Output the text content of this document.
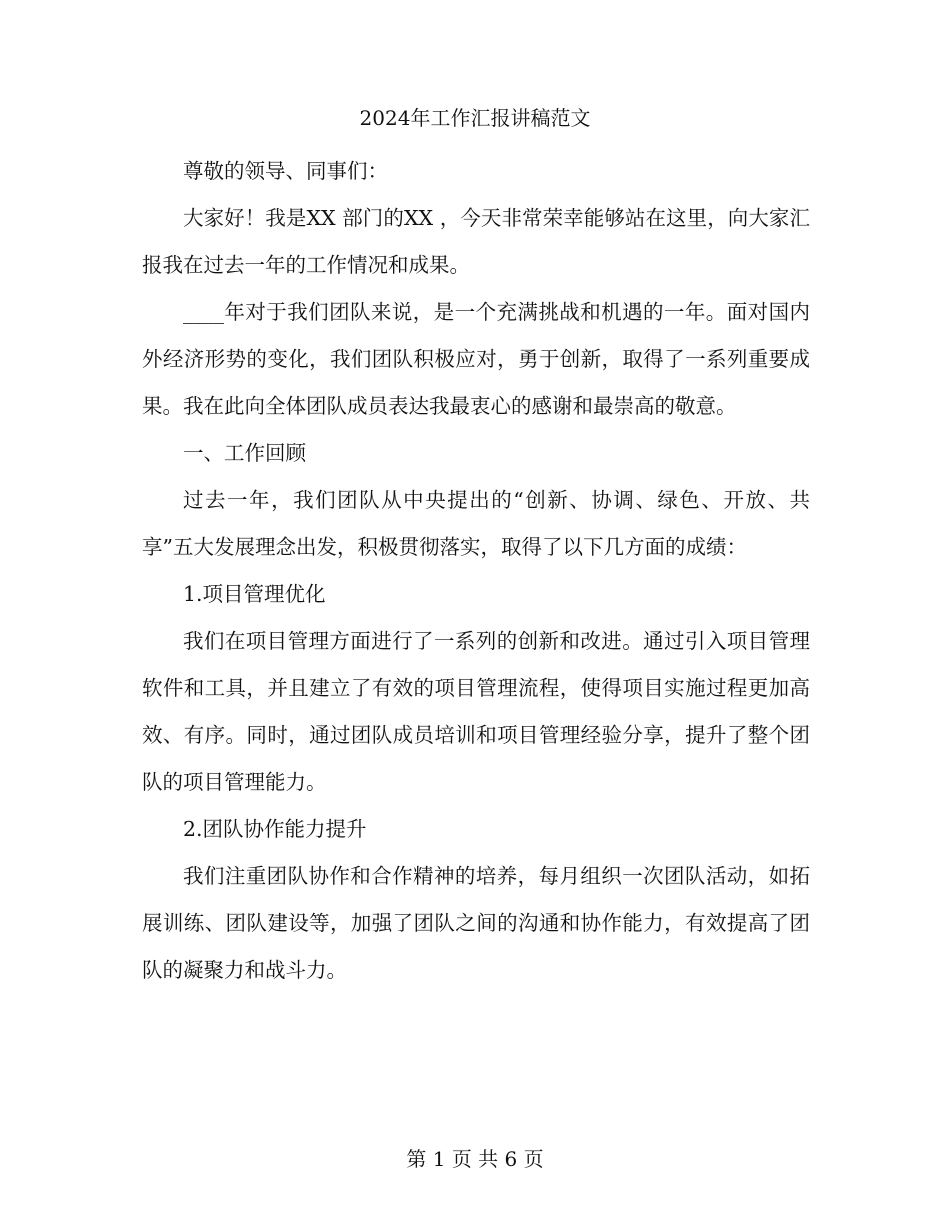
2024年工作汇报讲稿范文

尊敬的领导、同事们：

大家好！我是XX 部门的XX ，今天非常荣幸能够站在这里，向大家汇报我在过去一年的工作情况和成果。

____年对于我们团队来说，是一个充满挑战和机遇的一年。面对国内外经济形势的变化，我们团队积极应对，勇于创新，取得了一系列重要成果。我在此向全体团队成员表达我最衷心的感谢和最崇高的敬意。

一、工作回顾

过去一年，我们团队从中央提出的“创新、协调、绿色、开放、共享”五大发展理念出发，积极贯彻落实，取得了以下几方面的成绩：

1.项目管理优化

我们在项目管理方面进行了一系列的创新和改进。通过引入项目管理软件和工具，并且建立了有效的项目管理流程，使得项目实施过程更加高效、有序。同时，通过团队成员培训和项目管理经验分享，提升了整个团队的项目管理能力。

2.团队协作能力提升

我们注重团队协作和合作精神的培养，每月组织一次团队活动，如拓展训练、团队建设等，加强了团队之间的沟通和协作能力，有效提高了团队的凝聚力和战斗力。

第 1 页 共 6 页
